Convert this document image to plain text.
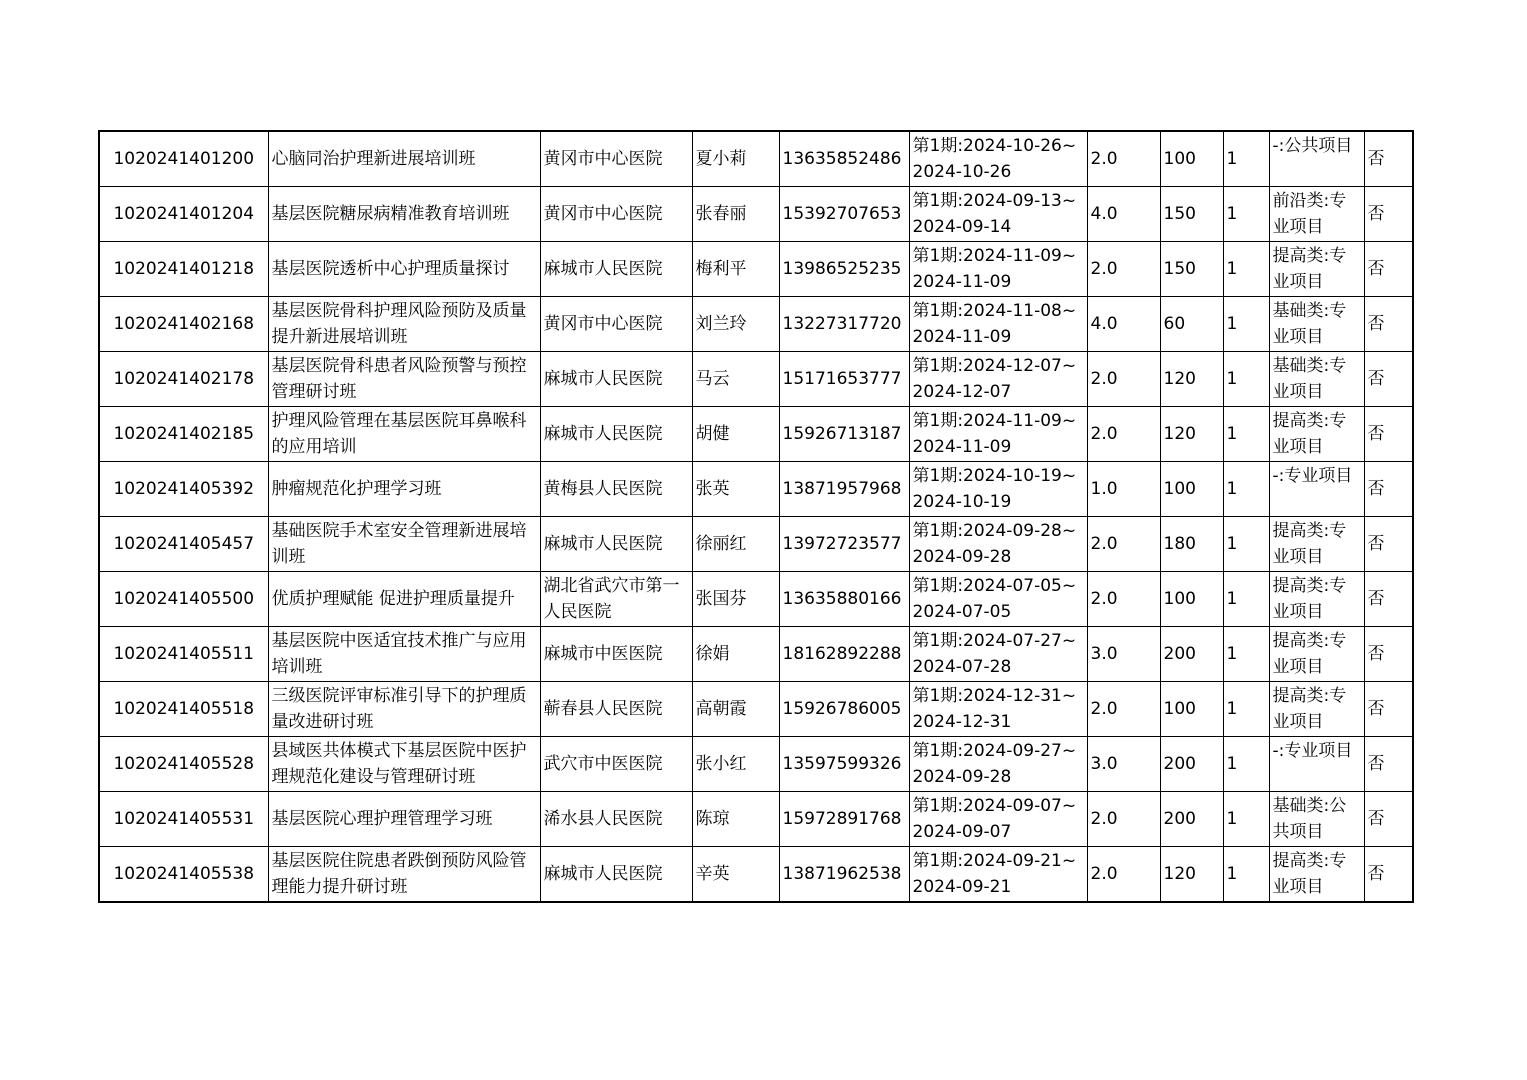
1020241401200	心脑同治护理新进展培训班	黄冈市中心医院	夏小莉	13635852486	第1期:2024-10-26~2024-10-26	2.0	100	1	-:公共项目	否
1020241401204	基层医院糖尿病精准教育培训班	黄冈市中心医院	张春丽	15392707653	第1期:2024-09-13~2024-09-14	4.0	150	1	前沿类:专业项目	否
1020241401218	基层医院透析中心护理质量探讨	麻城市人民医院	梅利平	13986525235	第1期:2024-11-09~2024-11-09	2.0	150	1	提高类:专业项目	否
1020241402168	基层医院骨科护理风险预防及质量提升新进展培训班	黄冈市中心医院	刘兰玲	13227317720	第1期:2024-11-08~2024-11-09	4.0	60	1	基础类:专业项目	否
1020241402178	基层医院骨科患者风险预警与预控管理研讨班	麻城市人民医院	马云	15171653777	第1期:2024-12-07~2024-12-07	2.0	120	1	基础类:专业项目	否
1020241402185	护理风险管理在基层医院耳鼻喉科的应用培训	麻城市人民医院	胡健	15926713187	第1期:2024-11-09~2024-11-09	2.0	120	1	提高类:专业项目	否
1020241405392	肿瘤规范化护理学习班	黄梅县人民医院	张英	13871957968	第1期:2024-10-19~2024-10-19	1.0	100	1	-:专业项目	否
1020241405457	基础医院手术室安全管理新进展培训班	麻城市人民医院	徐丽红	13972723577	第1期:2024-09-28~2024-09-28	2.0	180	1	提高类:专业项目	否
1020241405500	优质护理赋能 促进护理质量提升	湖北省武穴市第一人民医院	张国芬	13635880166	第1期:2024-07-05~2024-07-05	2.0	100	1	提高类:专业项目	否
1020241405511	基层医院中医适宜技术推广与应用培训班	麻城市中医医院	徐娟	18162892288	第1期:2024-07-27~2024-07-28	3.0	200	1	提高类:专业项目	否
1020241405518	三级医院评审标准引导下的护理质量改进研讨班	蕲春县人民医院	高朝霞	15926786005	第1期:2024-12-31~2024-12-31	2.0	100	1	提高类:专业项目	否
1020241405528	县域医共体模式下基层医院中医护理规范化建设与管理研讨班	武穴市中医医院	张小红	13597599326	第1期:2024-09-27~2024-09-28	3.0	200	1	-:专业项目	否
1020241405531	基层医院心理护理管理学习班	浠水县人民医院	陈琼	15972891768	第1期:2024-09-07~2024-09-07	2.0	200	1	基础类:公共项目	否
1020241405538	基层医院住院患者跌倒预防风险管理能力提升研讨班	麻城市人民医院	辛英	13871962538	第1期:2024-09-21~2024-09-21	2.0	120	1	提高类:专业项目	否
